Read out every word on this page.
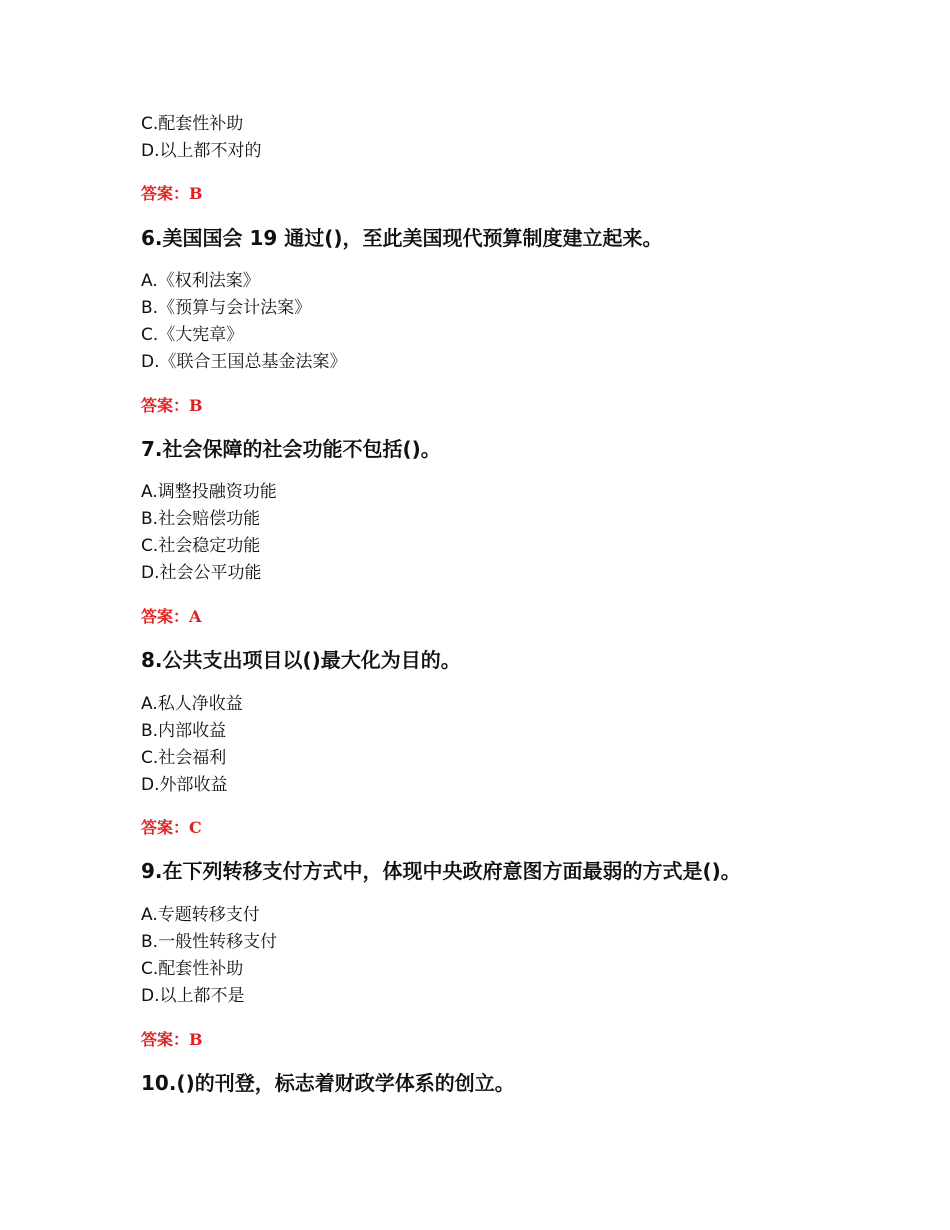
C.配套性补助
D.以上都不对的
答案：B
6.美国国会 19 通过()，至此美国现代预算制度建立起来。
A.《权利法案》
B.《预算与会计法案》
C.《大宪章》
D.《联合王国总基金法案》
答案：B
7.社会保障的社会功能不包括()。
A.调整投融资功能
B.社会赔偿功能
C.社会稳定功能
D.社会公平功能
答案：A
8.公共支出项目以()最大化为目的。
A.私人净收益
B.内部收益
C.社会福利
D.外部收益
答案：C
9.在下列转移支付方式中，体现中央政府意图方面最弱的方式是()。
A.专题转移支付
B.一般性转移支付
C.配套性补助
D.以上都不是
答案：B
10.()的刊登，标志着财政学体系的创立。
